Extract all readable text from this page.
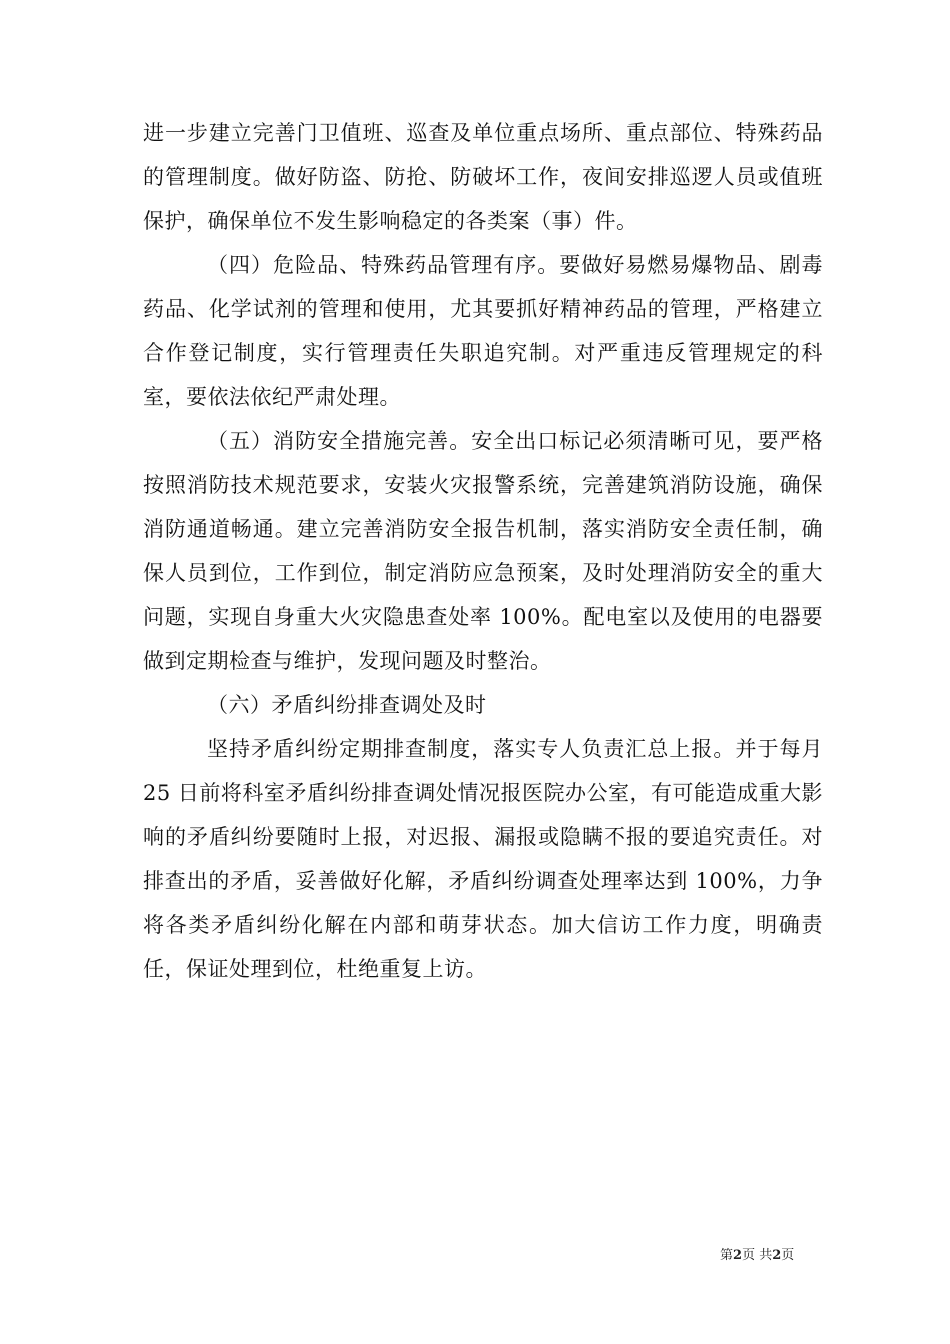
进一步建立完善门卫值班、巡查及单位重点场所、重点部位、特殊药品的管理制度。做好防盗、防抢、防破坏工作，夜间安排巡逻人员或值班保护，确保单位不发生影响稳定的各类案（事）件。

（四）危险品、特殊药品管理有序。要做好易燃易爆物品、剧毒药品、化学试剂的管理和使用，尤其要抓好精神药品的管理，严格建立合作登记制度，实行管理责任失职追究制。对严重违反管理规定的科室，要依法依纪严肃处理。

（五）消防安全措施完善。安全出口标记必须清晰可见，要严格按照消防技术规范要求，安装火灾报警系统，完善建筑消防设施，确保消防通道畅通。建立完善消防安全报告机制，落实消防安全责任制，确保人员到位，工作到位，制定消防应急预案，及时处理消防安全的重大问题，实现自身重大火灾隐患查处率 100%。配电室以及使用的电器要做到定期检查与维护，发现问题及时整治。

（六）矛盾纠纷排查调处及时

坚持矛盾纠纷定期排查制度，落实专人负责汇总上报。并于每月 25 日前将科室矛盾纠纷排查调处情况报医院办公室，有可能造成重大影响的矛盾纠纷要随时上报，对迟报、漏报或隐瞒不报的要追究责任。对排查出的矛盾，妥善做好化解，矛盾纠纷调查处理率达到 100%，力争将各类矛盾纠纷化解在内部和萌芽状态。加大信访工作力度，明确责任，保证处理到位，杜绝重复上访。

第2页 共2页
